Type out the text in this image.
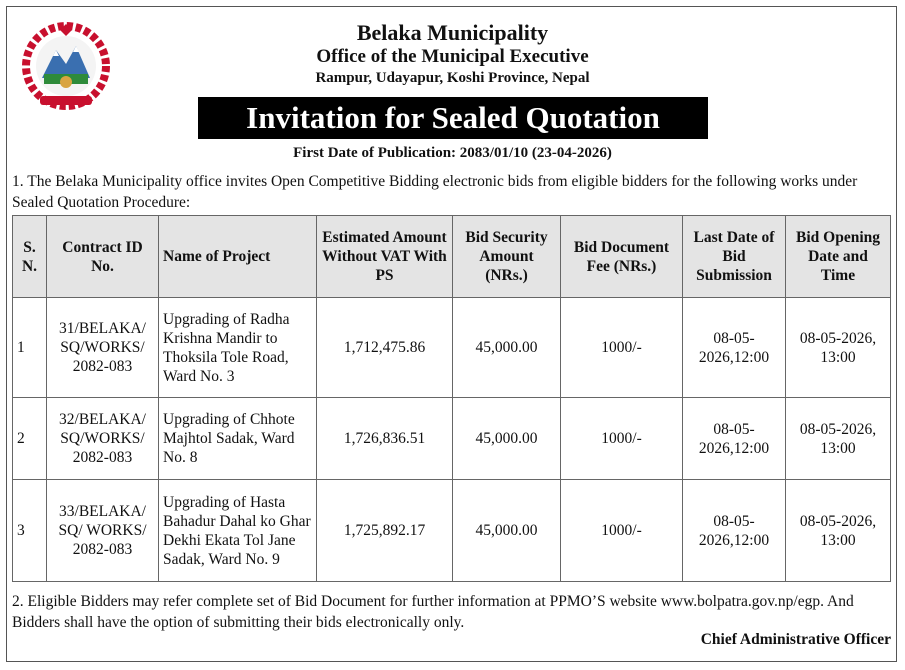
Belaka Municipality
Office of the Municipal Executive
Rampur, Udayapur, Koshi Province, Nepal
Invitation for Sealed Quotation
First Date of Publication: 2083/01/10 (23-04-2026)
1. The Belaka Municipality office invites Open Competitive Bidding electronic bids from eligible bidders for the following works under Sealed Quotation Procedure:
S. N.	Contract ID No.	Name of Project	Estimated Amount Without VAT With PS	Bid Security Amount (NRs.)	Bid Document Fee (NRs.)	Last Date of Bid Submission	Bid Opening Date and Time
1	31/BELAKA/ SQ/WORKS/ 2082-083	Upgrading of Radha Krishna Mandir to Thoksila Tole Road, Ward No. 3	1,712,475.86	45,000.00	1000/-	08-05- 2026,12:00	08-05-2026, 13:00
2	32/BELAKA/ SQ/WORKS/ 2082-083	Upgrading of Chhote Majhtol Sadak, Ward No. 8	1,726,836.51	45,000.00	1000/-	08-05- 2026,12:00	08-05-2026, 13:00
3	33/BELAKA/ SQ/ WORKS/ 2082-083	Upgrading of Hasta Bahadur Dahal ko Ghar Dekhi Ekata Tol Jane Sadak, Ward No. 9	1,725,892.17	45,000.00	1000/-	08-05- 2026,12:00	08-05-2026, 13:00
2. Eligible Bidders may refer complete set of Bid Document for further information at PPMO’S website www.bolpatra.gov.np/egp. And Bidders shall have the option of submitting their bids electronically only.
Chief Administrative Officer
